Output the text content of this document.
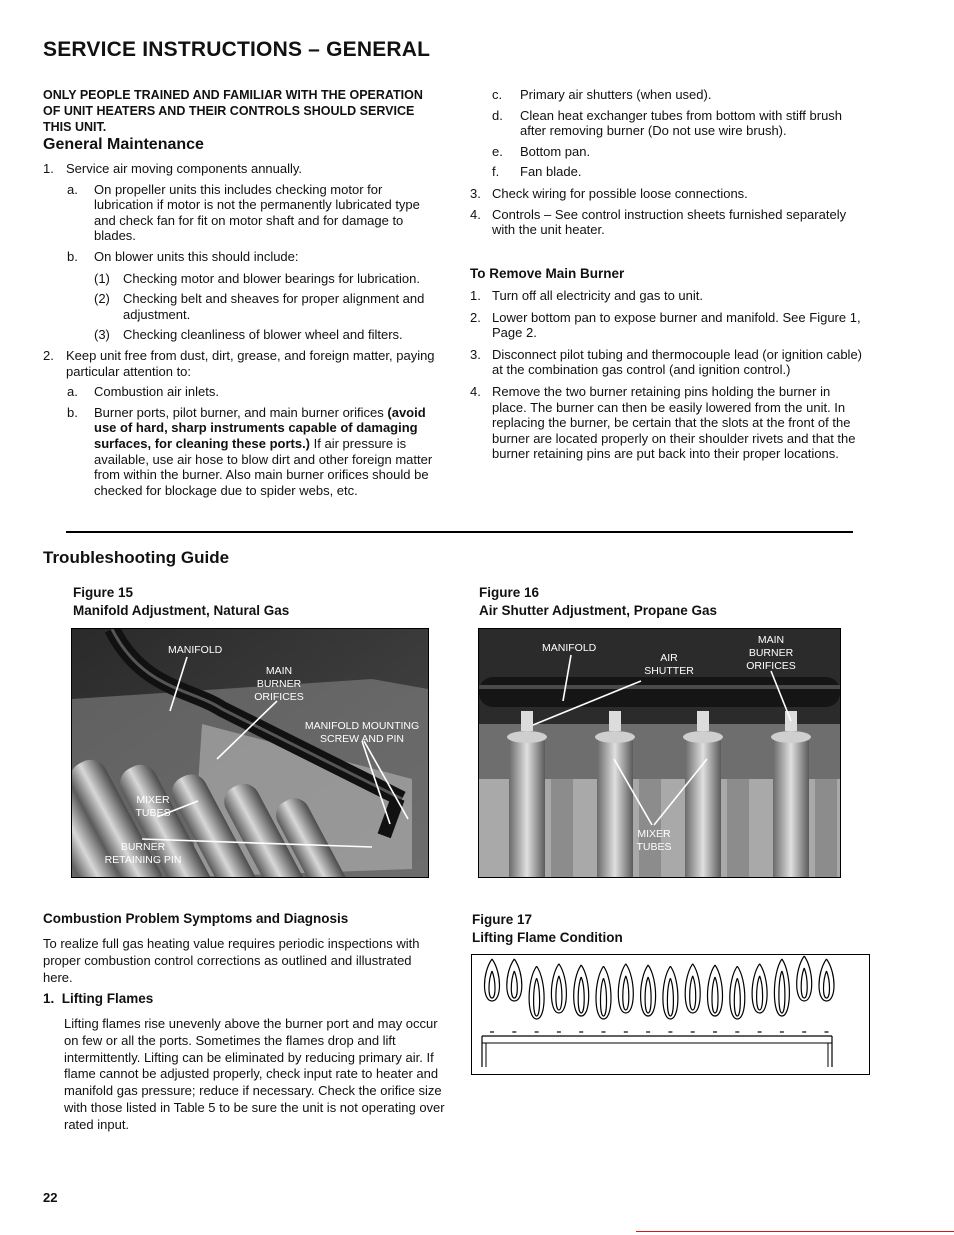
SERVICE INSTRUCTIONS – GENERAL
ONLY PEOPLE TRAINED AND FAMILIAR WITH THE OPERATION OF UNIT HEATERS AND THEIR CONTROLS SHOULD SERVICE THIS UNIT.
General Maintenance
1. Service air moving components annually.
a.	On propeller units this includes checking motor for lubrication if motor is not the permanently lubricated type and check fan for fit on motor shaft and for damage to blades.
b.	On blower units this should include:
(1)	Checking motor and blower bearings for lubrication.
(2)	Checking belt and sheaves for proper alignment and adjustment.
(3)	Checking cleanliness of blower wheel and filters.
2. Keep unit free from dust, dirt, grease, and foreign matter, paying particular attention to:
a.	Combustion air inlets.
b.	Burner ports, pilot burner, and main burner orifices (avoid use of hard, sharp instruments capable of damaging surfaces, for cleaning these ports.) If air pressure is available, use air hose to blow dirt and other foreign matter from within the burner. Also main burner orifices should be checked for blockage due to spider webs, etc.
c.	Primary air shutters (when used).
d.	Clean heat exchanger tubes from bottom with stiff brush after removing burner (Do not use wire brush).
e.	Bottom pan.
f.	Fan blade.
3. Check wiring for possible loose connections.
4. Controls – See control instruction sheets furnished separately with the unit heater.
To Remove Main Burner
1. Turn off all electricity and gas to unit.
2. Lower bottom pan to expose burner and manifold. See Figure 1, Page 2.
3. Disconnect pilot tubing and thermocouple lead (or ignition cable) at the combination gas control (and ignition control.)
4. Remove the two burner retaining pins holding the burner in place. The burner can then be easily lowered from the unit. In replacing the burner, be certain that the slots at the front of the burner are located properly on their shoulder rivets and that the burner retaining pins are put back into their proper locations.
Troubleshooting Guide
Figure 15
Manifold Adjustment, Natural Gas
MANIFOLD
MAIN
BURNER
ORIFICES
MANIFOLD MOUNTING
SCREW AND PIN
MIXER
TUBES
BURNER
RETAINING PIN
Figure 16
Air Shutter Adjustment, Propane Gas
MANIFOLD
AIR
SHUTTER
MAIN
BURNER
ORIFICES
MIXER
TUBES
Combustion Problem Symptoms and Diagnosis
To realize full gas heating value requires periodic inspections with proper combustion control corrections as outlined and illustrated here.
1. Lifting Flames
Lifting flames rise unevenly above the burner port and may occur on few or all the ports. Sometimes the flames drop and lift intermittently. Lifting can be eliminated by reducing primary air. If flame cannot be adjusted properly, check input rate to heater and manifold gas pressure; reduce if necessary. Check the orifice size with those listed in Table 5 to be sure the unit is not operating over rated input.
Figure 17
Lifting Flame Condition
22
